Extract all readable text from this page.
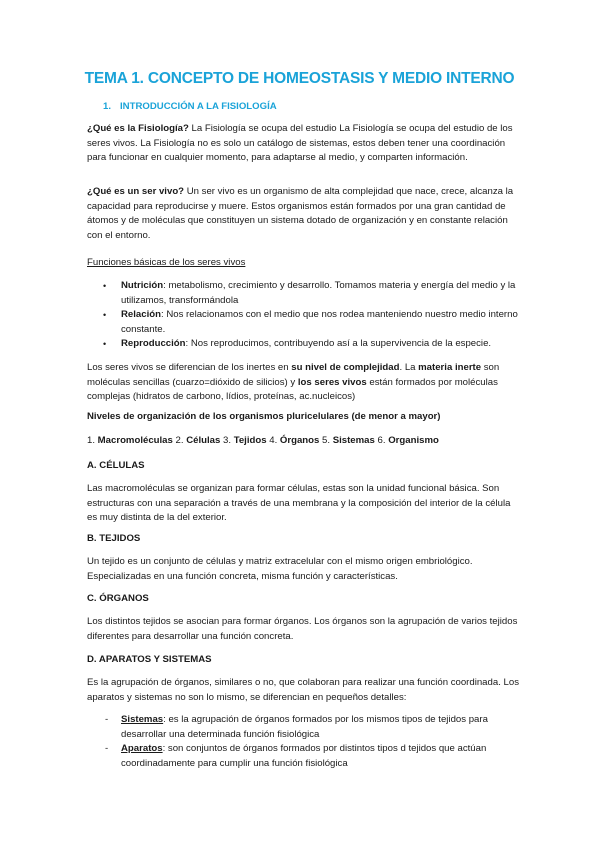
TEMA 1. CONCEPTO DE HOMEOSTASIS Y MEDIO INTERNO
1. INTRODUCCIÓN A LA FISIOLOGÍA

¿Qué es la Fisiología? La Fisiología se ocupa del estudio La Fisiología se ocupa del estudio de los seres vivos. La Fisiología no es solo un catálogo de sistemas, estos deben tener una coordinación para funcionar en cualquier momento, para adaptarse al medio, y comparten información.

¿Qué es un ser vivo? Un ser vivo es un organismo de alta complejidad que nace, crece, alcanza la capacidad para reproducirse y muere. Estos organismos están formados por una gran cantidad de átomos y de moléculas que constituyen un sistema dotado de organización y en constante relación con el entorno.

Funciones básicas de los seres vivos

• Nutrición: metabolismo, crecimiento y desarrollo. Tomamos materia y energía del medio y la utilizamos, transformándola
• Relación: Nos relacionamos con el medio que nos rodea manteniendo nuestro medio interno constante.
• Reproducción: Nos reproducimos, contribuyendo así a la supervivencia de la especie.

Los seres vivos se diferencian de los inertes en su nivel de complejidad. La materia inerte son moléculas sencillas (cuarzo=dióxido de silicios) y los seres vivos están formados por moléculas complejas (hidratos de carbono, lídios, proteínas, ac.nucleicos)

Niveles de organización de los organismos pluricelulares (de menor a mayor)

1. Macromoléculas 2. Células 3. Tejidos 4. Órganos 5. Sistemas 6. Organismo

A. CÉLULAS

Las macromoléculas se organizan para formar células, estas son la unidad funcional básica. Son estructuras con una separación a través de una membrana y la composición del interior de la célula es muy distinta de la del exterior.

B. TEJIDOS

Un tejido es un conjunto de células y matriz extracelular con el mismo origen embriológico. Especializadas en una función concreta, misma función y características.

C. ÓRGANOS

Los distintos tejidos se asocian para formar órganos. Los órganos son la agrupación de varios tejidos diferentes para desarrollar una función concreta.

D. APARATOS Y SISTEMAS

Es la agrupación de órganos, similares o no, que colaboran para realizar una función coordinada. Los aparatos y sistemas no son lo mismo, se diferencian en pequeños detalles:

- Sistemas: es la agrupación de órganos formados por los mismos tipos de tejidos para desarrollar una determinada función fisiológica
- Aparatos: son conjuntos de órganos formados por distintos tipos d tejidos que actúan coordinadamente para cumplir una función fisiológica
